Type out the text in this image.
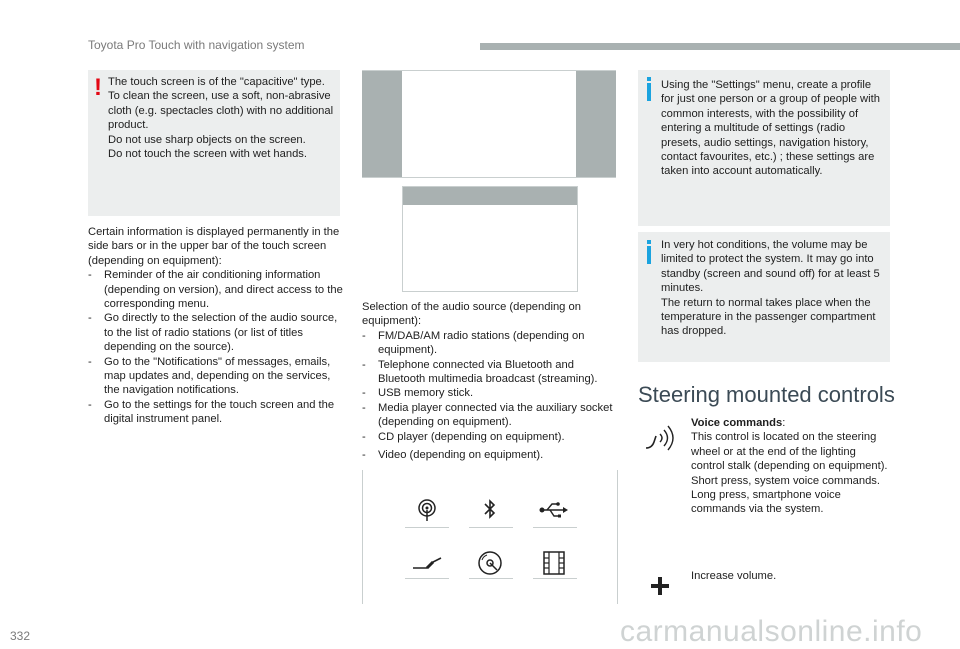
Toyota Pro Touch with navigation system
! The touch screen is of the "capacitive" type.
To clean the screen, use a soft, non-abrasive cloth (e.g. spectacles cloth) with no additional product.
Do not use sharp objects on the screen.
Do not touch the screen with wet hands.
Certain information is displayed permanently in the side bars or in the upper bar of the touch screen (depending on equipment):
- Reminder of the air conditioning information (depending on version), and direct access to the corresponding menu.
- Go directly to the selection of the audio source, to the list of radio stations (or list of titles depending on the source).
- Go to the "Notifications" of messages, emails, map updates and, depending on the services, the navigation notifications.
- Go to the settings for the touch screen and the digital instrument panel.
Selection of the audio source (depending on equipment):
- FM/DAB/AM radio stations (depending on equipment).
- Telephone connected via Bluetooth and Bluetooth multimedia broadcast (streaming).
- USB memory stick.
- Media player connected via the auxiliary socket (depending on equipment).
- CD player (depending on equipment).
- Video (depending on equipment).
Using the "Settings" menu, create a profile for just one person or a group of people with common interests, with the possibility of entering a multitude of settings (radio presets, audio settings, navigation history, contact favourites, etc.) ; these settings are taken into account automatically.
In very hot conditions, the volume may be limited to protect the system. It may go into standby (screen and sound off) for at least 5 minutes.
The return to normal takes place when the temperature in the passenger compartment has dropped.
Steering mounted controls
Voice commands:
This control is located on the steering wheel or at the end of the lighting control stalk (depending on equipment).
Short press, system voice commands.
Long press, smartphone voice commands via the system.
Increase volume.
332	carmanualsonline.info
